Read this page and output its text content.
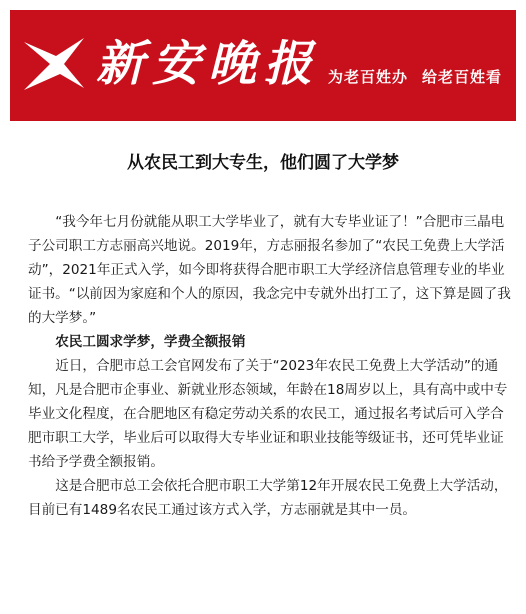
新安晚报 为老百姓办 给老百姓看
从农民工到大专生，他们圆了大学梦

“我今年七月份就能从职工大学毕业了，就有大专毕业证了！”合肥市三晶电子公司职工方志丽高兴地说。2019年，方志丽报名参加了“农民工免费上大学活动”，2021年正式入学，如今即将获得合肥市职工大学经济信息管理专业的毕业证书。“以前因为家庭和个人的原因，我念完中专就外出打工了，这下算是圆了我的大学梦。”

农民工圆求学梦，学费全额报销

近日，合肥市总工会官网发布了关于“2023年农民工免费上大学活动”的通知，凡是合肥市企事业、新就业形态领域，年龄在18周岁以上，具有高中或中专毕业文化程度，在合肥地区有稳定劳动关系的农民工，通过报名考试后可入学合肥市职工大学，毕业后可以取得大专毕业证和职业技能等级证书，还可凭毕业证书给予学费全额报销。

这是合肥市总工会依托合肥市职工大学第12年开展农民工免费上大学活动，目前已有1489名农民工通过该方式入学，方志丽就是其中一员。
